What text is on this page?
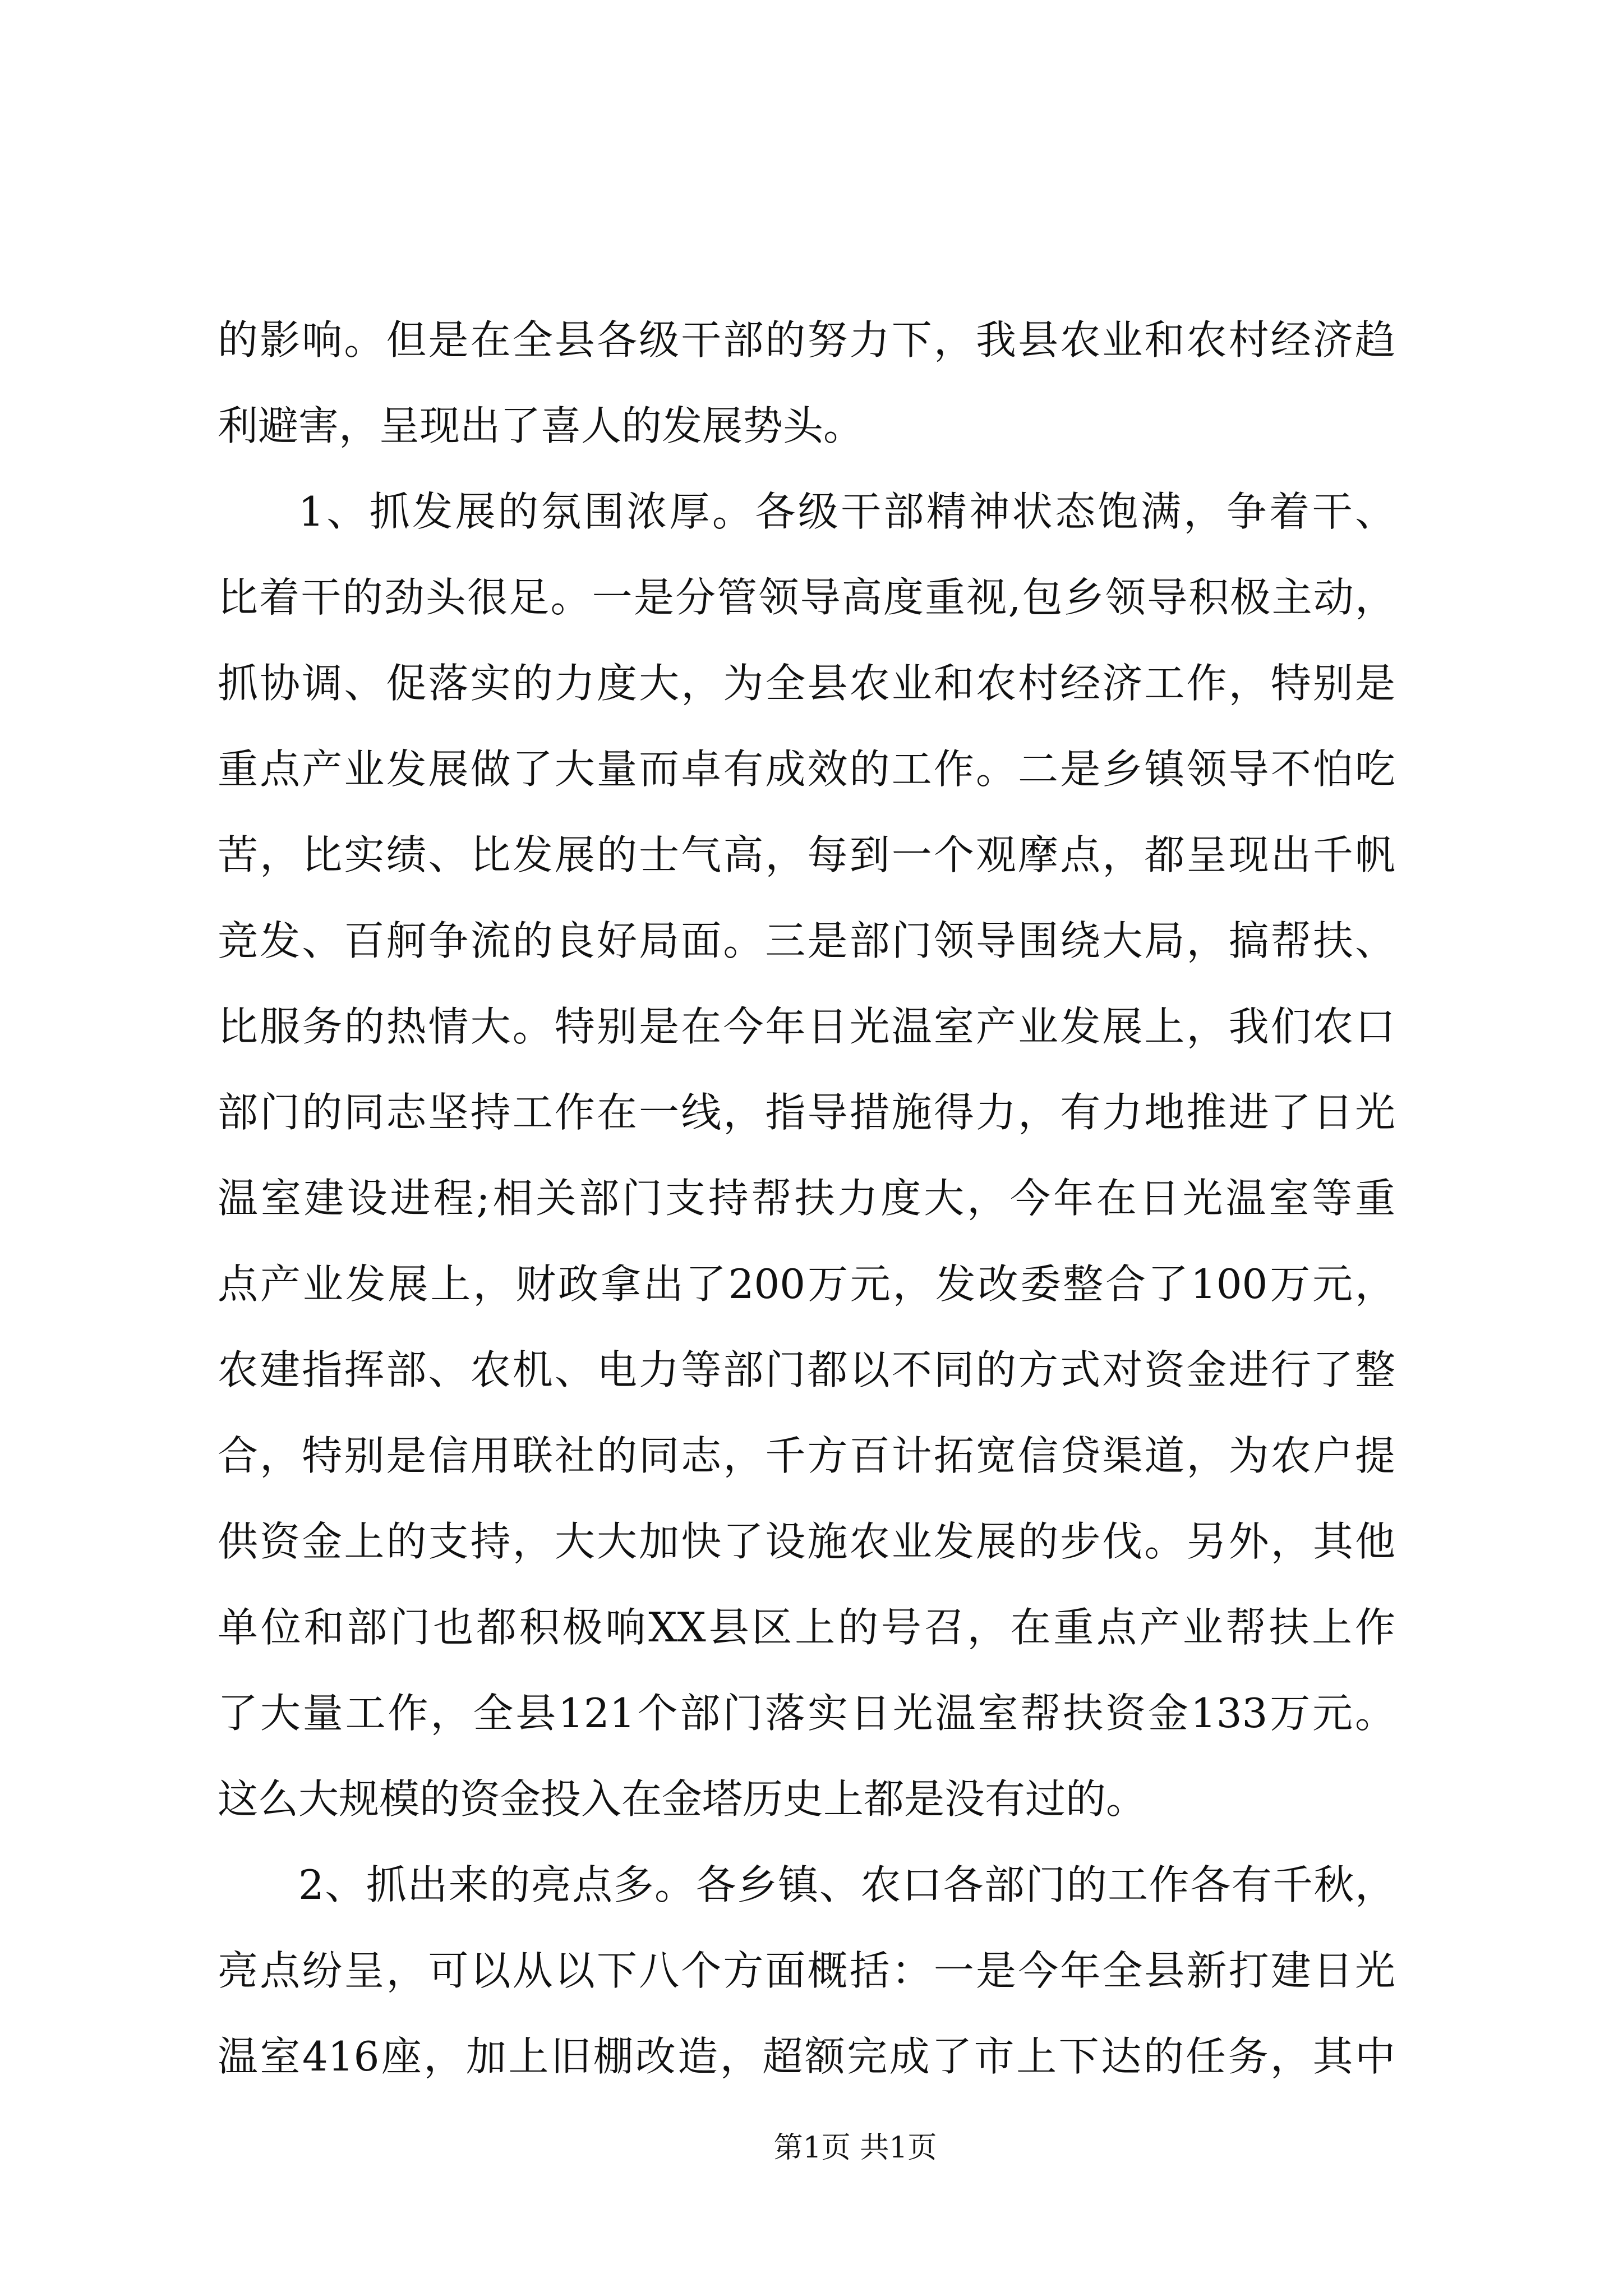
的影响。但是在全县各级干部的努力下，我县农业和农村经济趋
利避害，呈现出了喜人的发展势头。
1、抓发展的氛围浓厚。各级干部精神状态饱满，争着干、
比着干的劲头很足。一是分管领导高度重视,包乡领导积极主动，
抓协调、促落实的力度大，为全县农业和农村经济工作，特别是
重点产业发展做了大量而卓有成效的工作。二是乡镇领导不怕吃
苦，比实绩、比发展的士气高，每到一个观摩点，都呈现出千帆
竞发、百舸争流的良好局面。三是部门领导围绕大局，搞帮扶、
比服务的热情大。特别是在今年日光温室产业发展上，我们农口
部门的同志坚持工作在一线，指导措施得力，有力地推进了日光
温室建设进程;相关部门支持帮扶力度大，今年在日光温室等重
点产业发展上，财政拿出了200万元，发改委整合了100万元，
农建指挥部、农机、电力等部门都以不同的方式对资金进行了整
合，特别是信用联社的同志，千方百计拓宽信贷渠道，为农户提
供资金上的支持，大大加快了设施农业发展的步伐。另外，其他
单位和部门也都积极响XX县区上的号召，在重点产业帮扶上作
了大量工作，全县121个部门落实日光温室帮扶资金133万元。
这么大规模的资金投入在金塔历史上都是没有过的。
2、抓出来的亮点多。各乡镇、农口各部门的工作各有千秋，
亮点纷呈，可以从以下八个方面概括：一是今年全县新打建日光
温室416座，加上旧棚改造，超额完成了市上下达的任务，其中
第1页 共1页
